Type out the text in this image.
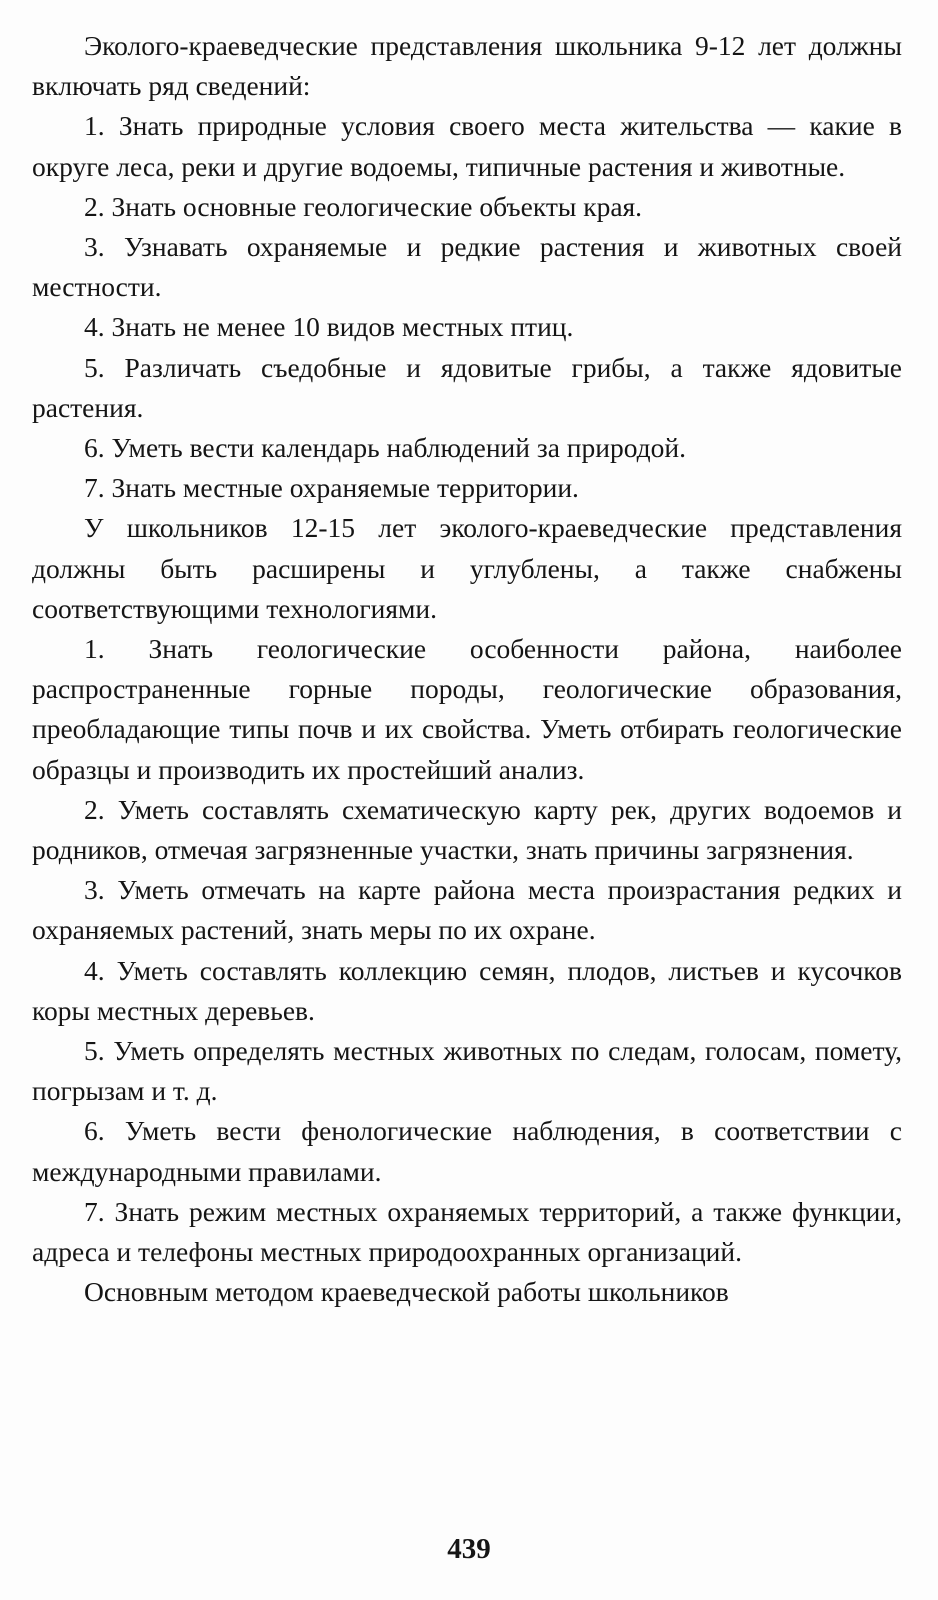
Эколого-краеведческие представления школьника 9-12 лет должны включать ряд сведений:

1. Знать природные условия своего места жительства — какие в округе леса, реки и другие водоемы, типичные растения и животные.

2. Знать основные геологические объекты края.

3. Узнавать охраняемые и редкие растения и животных своей местности.

4. Знать не менее 10 видов местных птиц.

5. Различать съедобные и ядовитые грибы, а также ядовитые растения.

6. Уметь вести календарь наблюдений за природой.

7. Знать местные охраняемые территории.

У школьников 12-15 лет эколого-краеведческие представления должны быть расширены и углублены, а также снабжены соответствующими технологиями.

1. Знать геологические особенности района, наиболее распространенные горные породы, геологические образования, преобладающие типы почв и их свойства. Уметь отбирать геологические образцы и производить их простейший анализ.

2. Уметь составлять схематическую карту рек, других водоемов и родников, отмечая загрязненные участки, знать причины загрязнения.

3. Уметь отмечать на карте района места произрастания редких и охраняемых растений, знать меры по их охране.

4. Уметь составлять коллекцию семян, плодов, листьев и кусочков коры местных деревьев.

5. Уметь определять местных животных по следам, голосам, помету, погрызам и т. д.

6. Уметь вести фенологические наблюдения, в соответствии с международными правилами.

7. Знать режим местных охраняемых территорий, а также функции, адреса и телефоны местных природоохранных организаций.

Основным методом краеведческой работы школьников

439
